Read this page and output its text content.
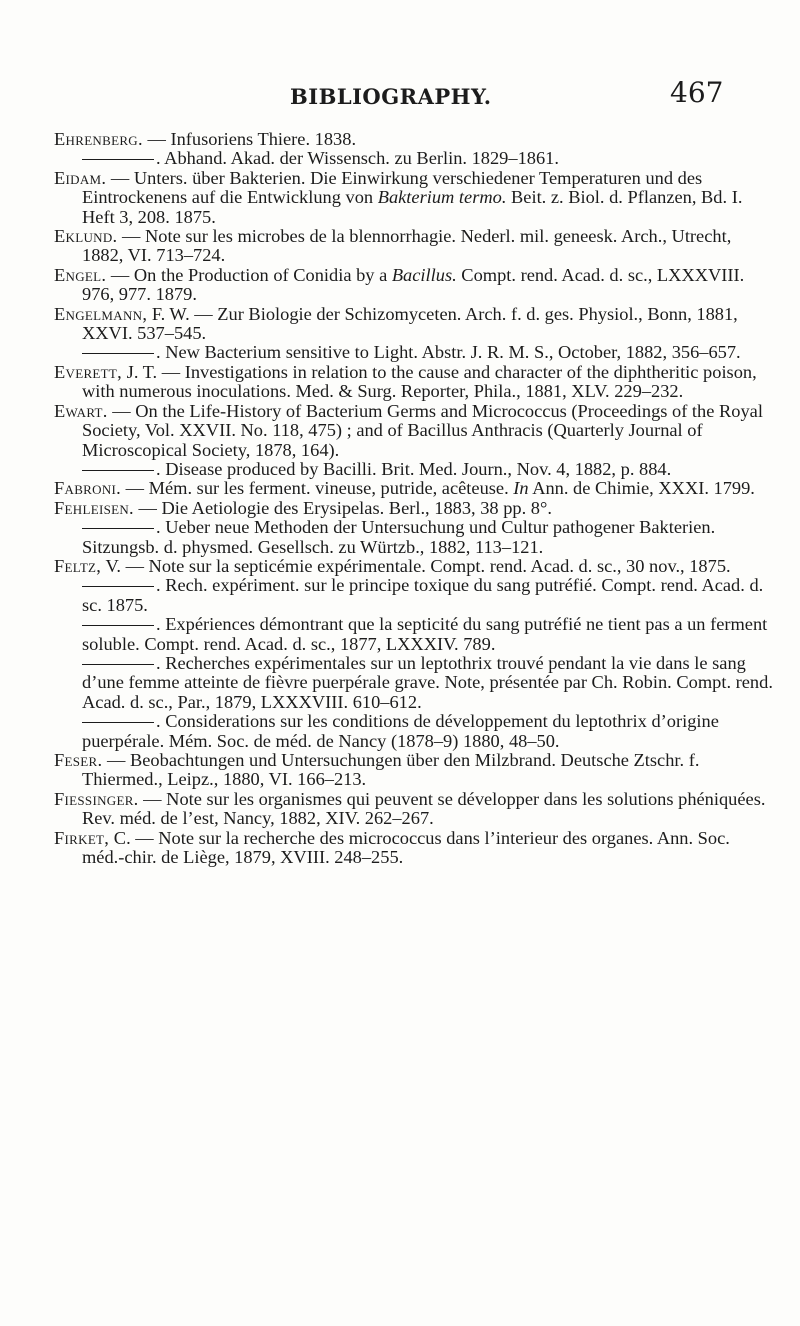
BIBLIOGRAPHY.	467

Ehrenberg. — Infusoriens Thiere. 1838.

. Abhand. Akad. der Wissensch. zu Berlin. 1829–1861.

Eidam. — Unters. über Bakterien. Die Einwirkung verschiedener Temperaturen und des Eintrockenens auf die Entwicklung von Bakterium termo. Beit. z. Biol. d. Pflanzen, Bd. I. Heft 3, 208. 1875.

Eklund. — Note sur les microbes de la blennorrhagie. Nederl. mil. geneesk. Arch., Utrecht, 1882, VI. 713–724.

Engel. — On the Production of Conidia by a Bacillus. Compt. rend. Acad. d. sc., LXXXVIII. 976, 977. 1879.

Engelmann, F. W. — Zur Biologie der Schizomyceten. Arch. f. d. ges. Physiol., Bonn, 1881, XXVI. 537–545.

. New Bacterium sensitive to Light. Abstr. J. R. M. S., October, 1882, 356–657.

Everett, J. T. — Investigations in relation to the cause and character of the diphtheritic poison, with numerous inoculations. Med. & Surg. Reporter, Phila., 1881, XLV. 229–232.

Ewart. — On the Life-History of Bacterium Germs and Micrococcus (Proceedings of the Royal Society, Vol. XXVII. No. 118, 475) ; and of Bacillus Anthracis (Quarterly Journal of Microscopical Society, 1878, 164).

. Disease produced by Bacilli. Brit. Med. Journ., Nov. 4, 1882, p. 884.

Fabroni. — Mém. sur les ferment. vineuse, putride, acêteuse. In Ann. de Chimie, XXXI. 1799.

Fehleisen. — Die Aetiologie des Erysipelas. Berl., 1883, 38 pp. 8°.

. Ueber neue Methoden der Untersuchung und Cultur pathogener Bakterien. Sitzungsb. d. physmed. Gesellsch. zu Würtzb., 1882, 113–121.

Feltz, V. — Note sur la septicémie expérimentale. Compt. rend. Acad. d. sc., 30 nov., 1875.

. Rech. expériment. sur le principe toxique du sang putréfié. Compt. rend. Acad. d. sc. 1875.

. Expériences démontrant que la septicité du sang putréfié ne tient pas a un ferment soluble. Compt. rend. Acad. d. sc., 1877, LXXXIV. 789.

. Recherches expérimentales sur un leptothrix trouvé pendant la vie dans le sang d’une femme atteinte de fièvre puerpérale grave. Note, présentée par Ch. Robin. Compt. rend. Acad. d. sc., Par., 1879, LXXXVIII. 610–612.

. Considerations sur les conditions de développement du leptothrix d’origine puerpérale. Mém. Soc. de méd. de Nancy (1878–9) 1880, 48–50.

Feser. — Beobachtungen und Untersuchungen über den Milzbrand. Deutsche Ztschr. f. Thiermed., Leipz., 1880, VI. 166–213.

Fiessinger. — Note sur les organismes qui peuvent se développer dans les solutions phéniquées. Rev. méd. de l’est, Nancy, 1882, XIV. 262–267.

Firket, C. — Note sur la recherche des micrococcus dans l’interieur des organes. Ann. Soc. méd.-chir. de Liège, 1879, XVIII. 248–255.
